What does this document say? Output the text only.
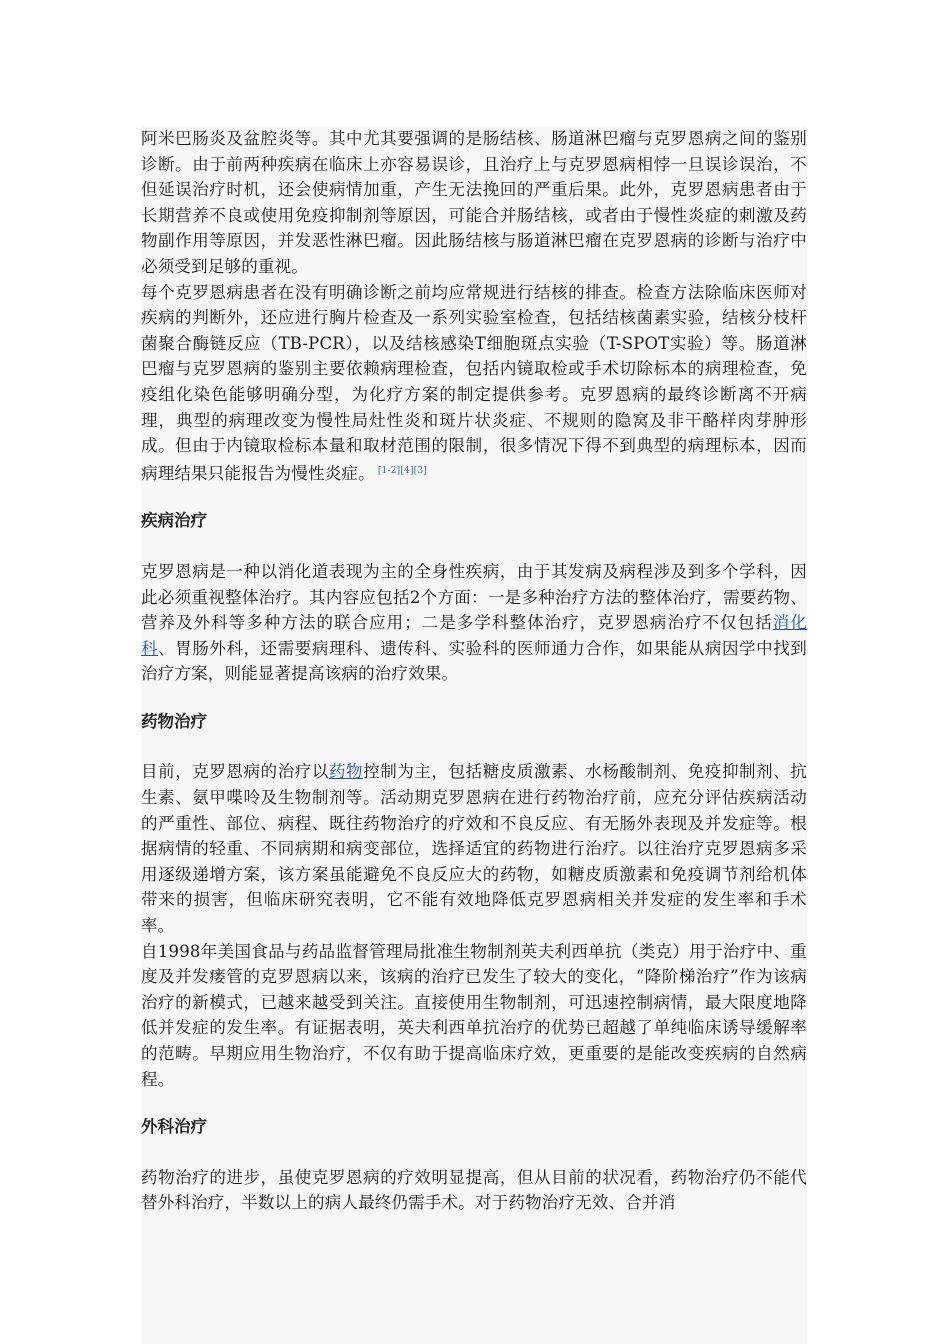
阿米巴肠炎及盆腔炎等。其中尤其要强调的是肠结核、肠道淋巴瘤与克罗恩病之间的鉴别诊断。由于前两种疾病在临床上亦容易误诊，且治疗上与克罗恩病相悖一旦误诊误治，不但延误治疗时机，还会使病情加重，产生无法挽回的严重后果。此外，克罗恩病患者由于长期营养不良或使用免疫抑制剂等原因，可能合并肠结核，或者由于慢性炎症的刺激及药物副作用等原因，并发恶性淋巴瘤。因此肠结核与肠道淋巴瘤在克罗恩病的诊断与治疗中必须受到足够的重视。

每个克罗恩病患者在没有明确诊断之前均应常规进行结核的排查。检查方法除临床医师对疾病的判断外，还应进行胸片检查及一系列实验室检查，包括结核菌素实验，结核分枝杆菌聚合酶链反应（TB-PCR），以及结核感染T细胞斑点实验（T-SPOT实验）等。肠道淋巴瘤与克罗恩病的鉴别主要依赖病理检查，包括内镜取检或手术切除标本的病理检查，免疫组化染色能够明确分型，为化疗方案的制定提供参考。克罗恩病的最终诊断离不开病理，典型的病理改变为慢性局灶性炎和斑片状炎症、不规则的隐窝及非干酪样肉芽肿形成。但由于内镜取检标本量和取材范围的限制，很多情况下得不到典型的病理标本，因而病理结果只能报告为慢性炎症。 [1-2][4][3]

疾病治疗

克罗恩病是一种以消化道表现为主的全身性疾病，由于其发病及病程涉及到多个学科，因此必须重视整体治疗。其内容应包括2个方面：一是多种治疗方法的整体治疗，需要药物、营养及外科等多种方法的联合应用；二是多学科整体治疗，克罗恩病治疗不仅包括消化科、胃肠外科，还需要病理科、遗传科、实验科的医师通力合作，如果能从病因学中找到治疗方案，则能显著提高该病的治疗效果。

药物治疗

目前，克罗恩病的治疗以药物控制为主，包括糖皮质激素、水杨酸制剂、免疫抑制剂、抗生素、氨甲喋呤及生物制剂等。活动期克罗恩病在进行药物治疗前，应充分评估疾病活动的严重性、部位、病程、既往药物治疗的疗效和不良反应、有无肠外表现及并发症等。根据病情的轻重、不同病期和病变部位，选择适宜的药物进行治疗。以往治疗克罗恩病多采用逐级递增方案，该方案虽能避免不良反应大的药物，如糖皮质激素和免疫调节剂给机体带来的损害，但临床研究表明，它不能有效地降低克罗恩病相关并发症的发生率和手术率。

自1998年美国食品与药品监督管理局批准生物制剂英夫利西单抗（类克）用于治疗中、重度及并发瘘管的克罗恩病以来，该病的治疗已发生了较大的变化，“降阶梯治疗”作为该病治疗的新模式，已越来越受到关注。直接使用生物制剂，可迅速控制病情，最大限度地降低并发症的发生率。有证据表明，英夫利西单抗治疗的优势已超越了单纯临床诱导缓解率的范畴。早期应用生物治疗，不仅有助于提高临床疗效，更重要的是能改变疾病的自然病程。

外科治疗

药物治疗的进步，虽使克罗恩病的疗效明显提高，但从目前的状况看，药物治疗仍不能代替外科治疗，半数以上的病人最终仍需手术。对于药物治疗无效、合并消
